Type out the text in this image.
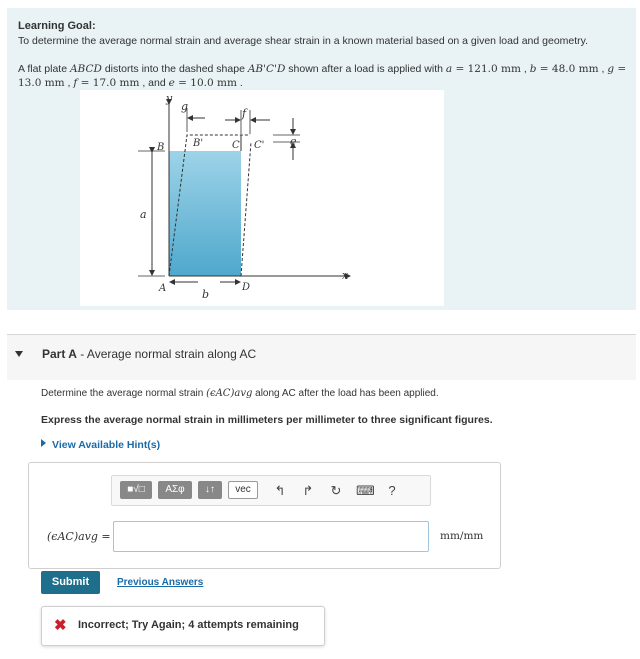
Learning Goal:
To determine the average normal strain and average shear strain in a known material based on a given load and geometry.
A flat plate ABCD distorts into the dashed shape AB'C'D shown after a load is applied with a = 121.0 mm , b = 48.0 mm , g = 13.0 mm , f = 17.0 mm , and e = 10.0 mm .
y
g
f
B	B'	C C' e
a
A	b
D
x
Part A - Average normal strain along AC
Determine the average normal strain (ϵAC)avg along AC after the load has been applied.
Express the average normal strain in millimeters per millimeter to three significant figures.
View Available Hint(s)
■√□	ΑΣφ	↓↑	vec	↰ ↱ ↻ ⌨	?
(ϵAC)avg =	mm/mm
Submit	Previous Answers
✖ Incorrect; Try Again; 4 attempts remaining
